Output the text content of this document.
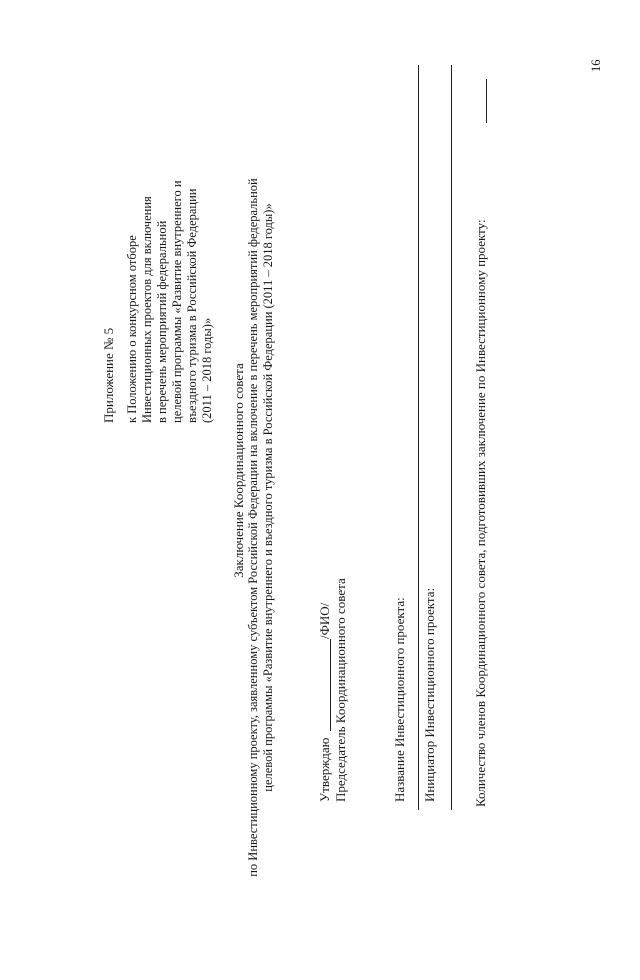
Приложение № 5 к Положению о конкурсном отборе Инвестиционных проектов для включения в перечень мероприятий федеральной целевой программы «Развитие внутреннего и въездного туризма в Российской Федерации (2011 – 2018 годы)» Заключение Координационного совета по Инвестиционному проекту, заявленному субъектом Российской Федерации на включение в перечень мероприятий федеральной целевой программы «Развитие внутреннего и въездного туризма в Российской Федерации (2011 – 2018 годы)»	Утверждаю
/ФИО/ Председатель Координационного совета	Название Инвестиционного проекта: Инициатор Инвестиционного проекта:	Количество членов Координационного совета, подготовивших заключение по Инвестиционному проекту:
16
